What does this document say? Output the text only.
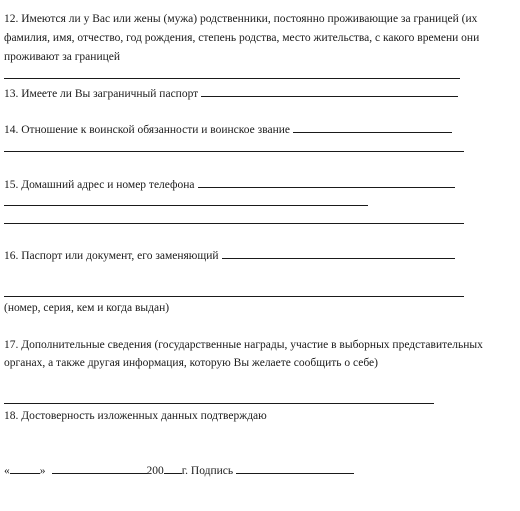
12. Имеются ли у Вас или жены (мужа) родственники, постоянно проживающие за границей (их
фамилия, имя, отчество, год рождения, степень родства, место жительства, с какого времени они
проживают за границей
13. Имеете ли Вы заграничный паспорт
14. Отношение к воинской обязанности и воинское звание
15. Домашний адрес и номер телефона
16. Паспорт или документ, его заменяющий
(номер, серия, кем и когда выдан)
17. Дополнительные сведения (государственные награды, участие в выборных представительных
органах, а также другая информация, которую Вы желаете сообщить о себе)
18. Достоверность изложенных данных подтверждаю
«	»	200 г. Подпись
